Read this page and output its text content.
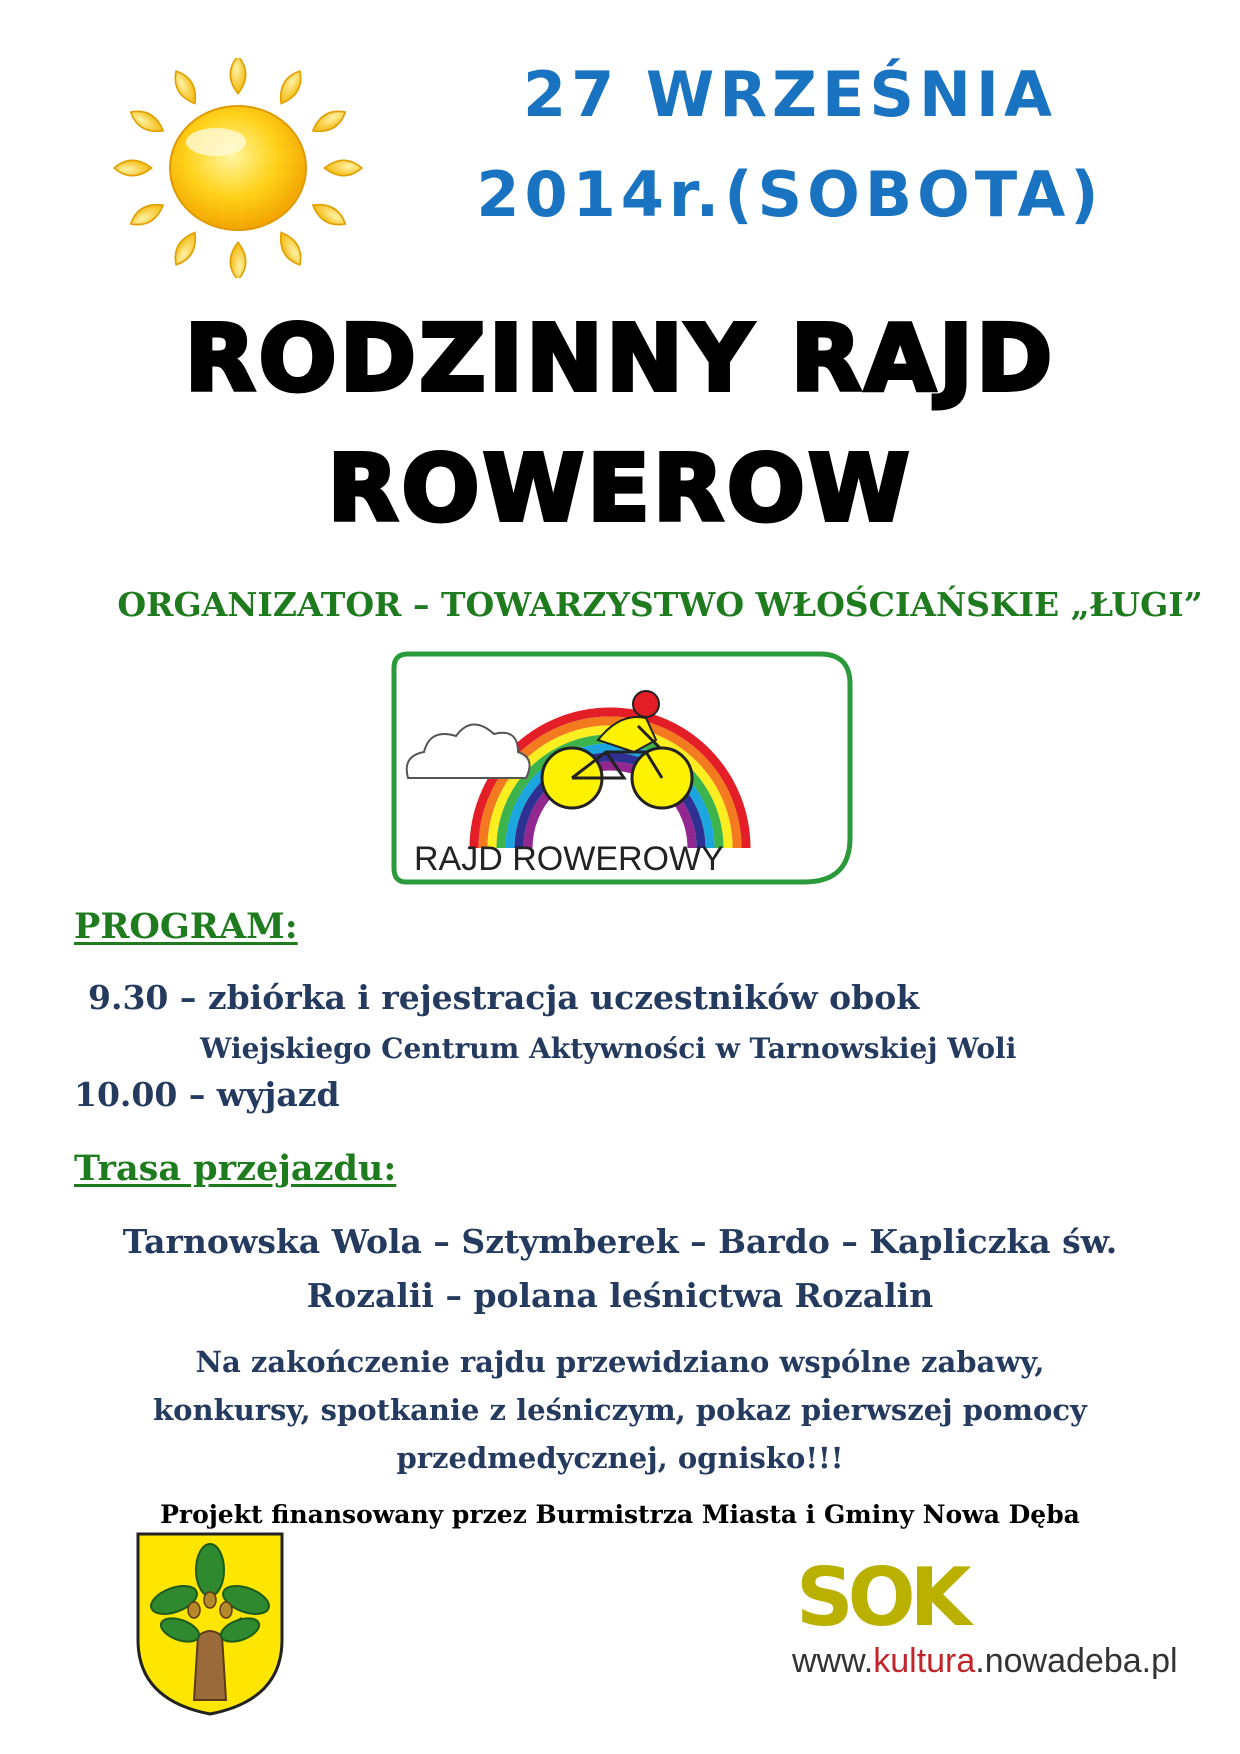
27 WRZEŚNIA
2014r.(SOBOTA)
RODZINNY RAJD
ROWEROW
ORGANIZATOR – TOWARZYSTWO WŁOŚCIAŃSKIE „ŁUGI”
RAJD ROWEROWY
PROGRAM:
9.30 – zbiórka i rejestracja uczestników obok
Wiejskiego Centrum Aktywności w Tarnowskiej Woli
10.00 – wyjazd
Trasa przejazdu:
Tarnowska Wola – Sztymberek – Bardo – Kapliczka św.
Rozalii – polana leśnictwa Rozalin
Na zakończenie rajdu przewidziano wspólne zabawy,
konkursy, spotkanie z leśniczym, pokaz pierwszej pomocy
przedmedycznej, ognisko!!!
Projekt finansowany przez Burmistrza Miasta i Gminy Nowa Dęba
SOK
www.kultura.nowadeba.pl
